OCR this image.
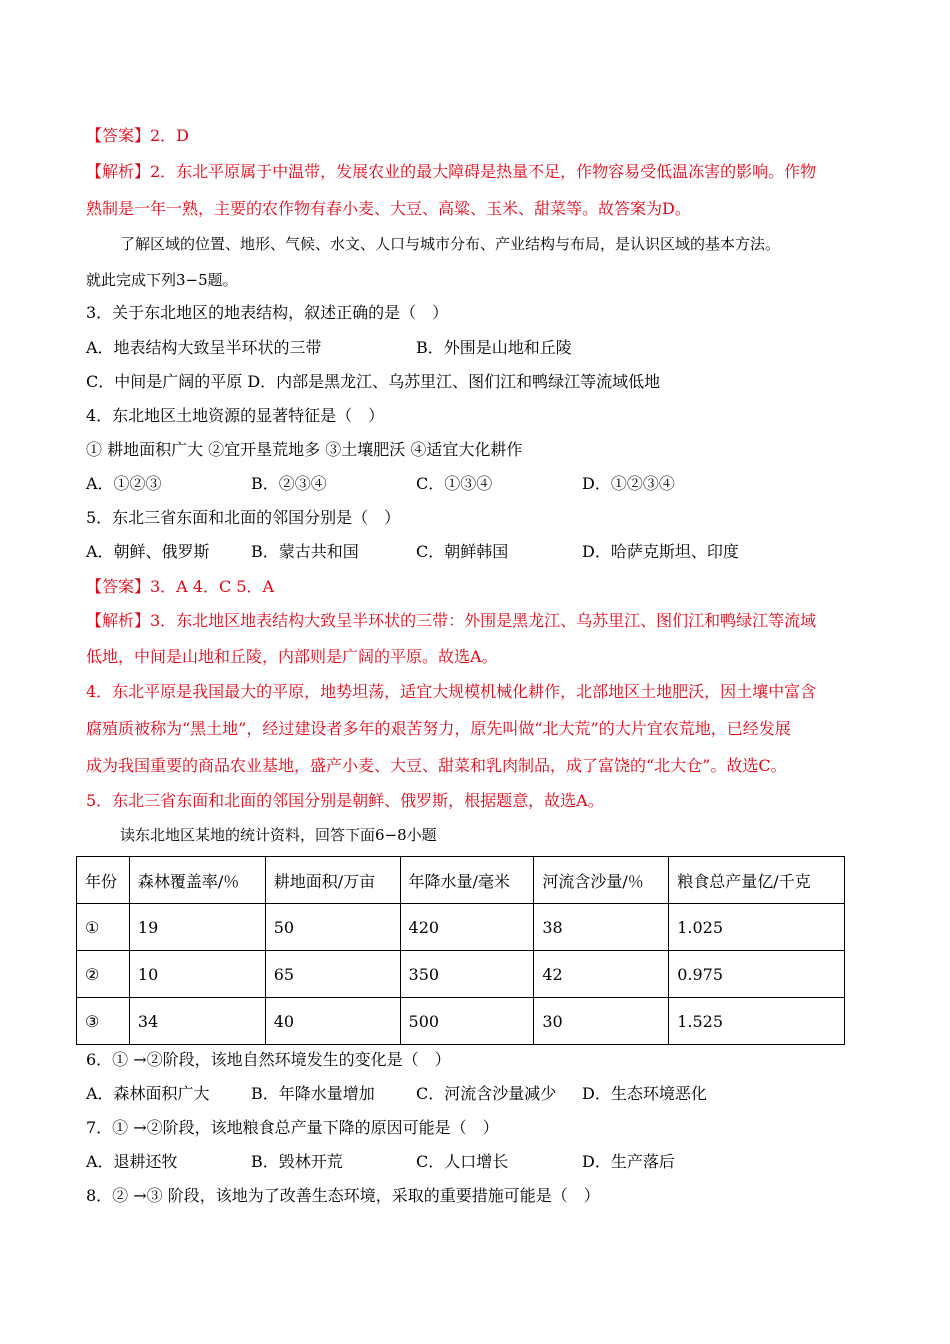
【答案】2．D
【解析】2．东北平原属于中温带，发展农业的最大障碍是热量不足，作物容易受低温冻害的影响。作物
熟制是一年一熟，主要的农作物有春小麦、大豆、高粱、玉米、甜菜等。故答案为D。
了解区域的位置、地形、气候、水文、人口与城市分布、产业结构与布局，是认识区域的基本方法。
就此完成下列3−5题。
3．关于东北地区的地表结构，叙述正确的是（　）
A．地表结构大致呈半环状的三带	B．外围是山地和丘陵
C．中间是广阔的平原 D．内部是黑龙江、乌苏里江、图们江和鸭绿江等流域低地
4．东北地区土地资源的显著特征是（　）
① 耕地面积广大 ②宜开垦荒地多 ③土壤肥沃 ④适宜大化耕作
A．①②③	B．②③④	C．①③④	D．①②③④
5．东北三省东面和北面的邻国分别是（　）
A．朝鲜、俄罗斯	B．蒙古共和国	C．朝鲜韩国	D．哈萨克斯坦、印度
【答案】3．A 4．C 5．A
【解析】3．东北地区地表结构大致呈半环状的三带：外围是黑龙江、乌苏里江、图们江和鸭绿江等流域
低地，中间是山地和丘陵，内部则是广阔的平原。故选A。
4．东北平原是我国最大的平原，地势坦荡，适宜大规模机械化耕作，北部地区土地肥沃，因土壤中富含
腐殖质被称为“黑土地”，经过建设者多年的艰苦努力，原先叫做“北大荒”的大片宜农荒地，已经发展
成为我国重要的商品农业基地，盛产小麦、大豆、甜菜和乳肉制品，成了富饶的“北大仓”。故选C。
5．东北三省东面和北面的邻国分别是朝鲜、俄罗斯，根据题意，故选A。
读东北地区某地的统计资料，回答下面6−8小题
年份	森林覆盖率/％	耕地面积/万亩	年降水量/毫米	河流含沙量/％	粮食总产量亿/千克
①	19	50	420	38	1.025
②	10	65	350	42	0.975
③	34	40	500	30	1.525
6．① →②阶段，该地自然环境发生的变化是（　）
A．森林面积广大	B．年降水量增加	C．河流含沙量减少 D．生态环境恶化
7．① →②阶段，该地粮食总产量下降的原因可能是（　）
A．退耕还牧	B．毁林开荒	C．人口增长	D．生产落后
8．② →③ 阶段，该地为了改善生态环境，采取的重要措施可能是（　）
